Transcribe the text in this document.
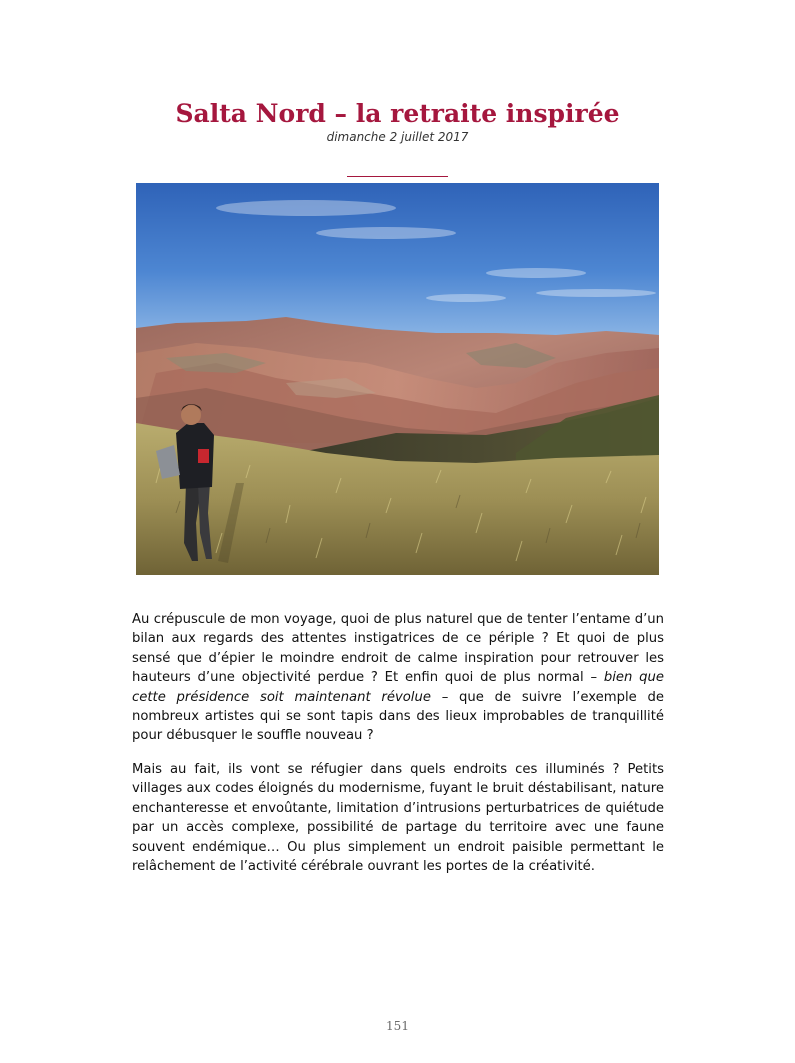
Salta Nord – la retraite inspirée
dimanche 2 juillet 2017

Au crépuscule de mon voyage, quoi de plus naturel que de tenter l’entame d’un bilan aux regards des attentes instigatrices de ce périple ? Et quoi de plus sensé que d’épier le moindre endroit de calme inspiration pour retrouver les hauteurs d’une objectivité perdue ? Et enfin quoi de plus normal – bien que cette présidence soit maintenant révolue – que de suivre l’exemple de nombreux artistes qui se sont tapis dans des lieux improbables de tranquillité pour débusquer le souffle nouveau ?

Mais au fait, ils vont se réfugier dans quels endroits ces illuminés ? Petits villages aux codes éloignés du modernisme, fuyant le bruit déstabilisant, nature enchanteresse et envoûtante, limitation d’intrusions perturbatrices de quiétude par un accès complexe, possibilité de partage du territoire avec une faune souvent endémique… Ou plus simplement un endroit paisible permettant le relâchement de l’activité cérébrale ouvrant les portes de la créativité.

151
